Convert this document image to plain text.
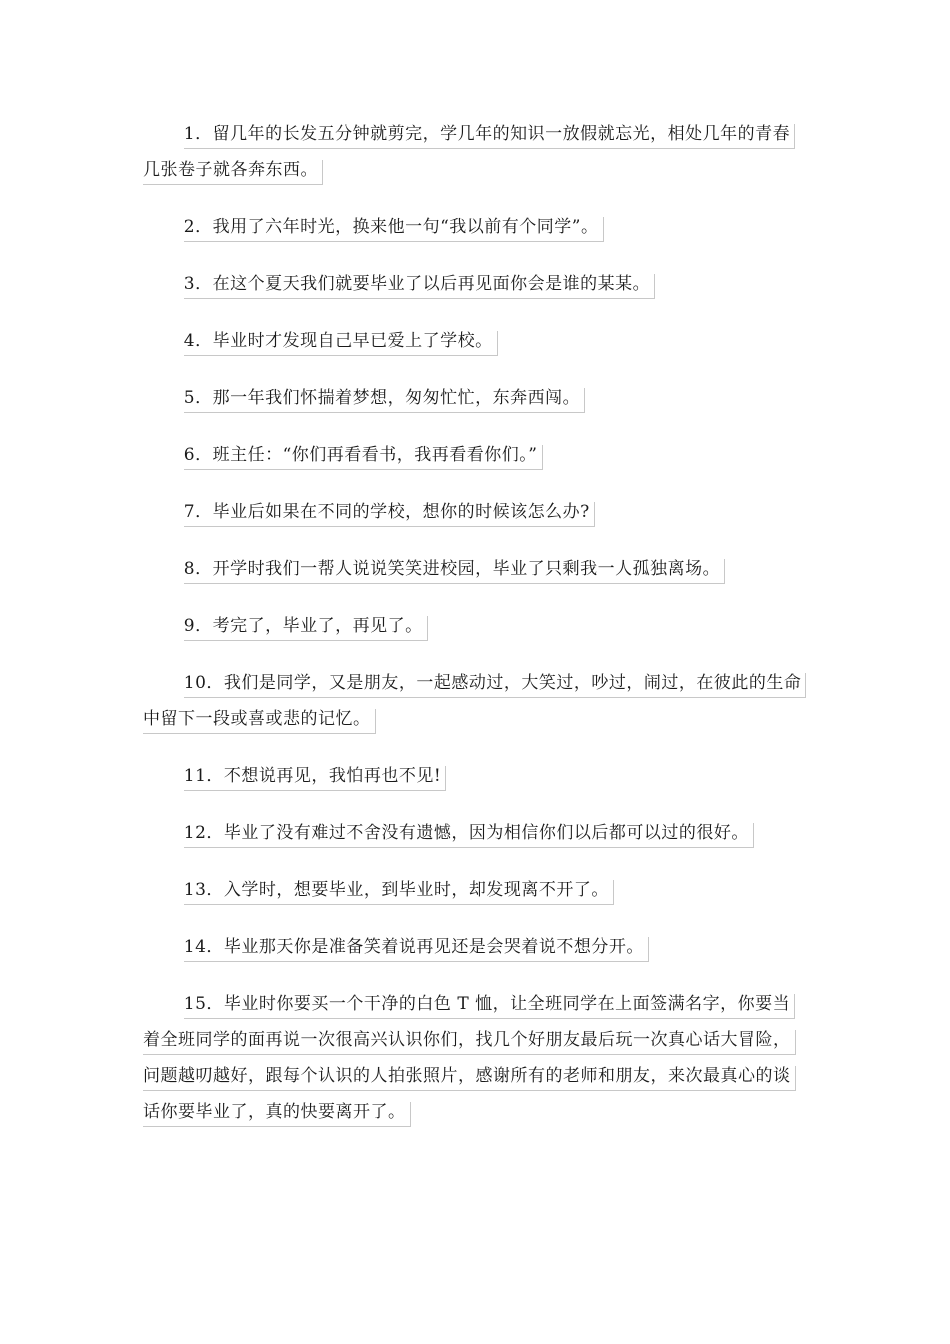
1．留几年的长发五分钟就剪完，学几年的知识一放假就忘光，相处几年的青春几张卷子就各奔东西。

2．我用了六年时光，换来他一句“我以前有个同学”。

3．在这个夏天我们就要毕业了以后再见面你会是谁的某某。

4．毕业时才发现自己早已爱上了学校。

5．那一年我们怀揣着梦想，匆匆忙忙，东奔西闯。

6．班主任：“你们再看看书，我再看看你们。”

7．毕业后如果在不同的学校，想你的时候该怎么办?

8．开学时我们一帮人说说笑笑进校园，毕业了只剩我一人孤独离场。

9．考完了，毕业了，再见了。

10．我们是同学，又是朋友，一起感动过，大笑过，吵过，闹过，在彼此的生命中留下一段或喜或悲的记忆。

11．不想说再见，我怕再也不见!

12．毕业了没有难过不舍没有遗憾，因为相信你们以后都可以过的很好。

13．入学时，想要毕业，到毕业时，却发现离不开了。

14．毕业那天你是准备笑着说再见还是会哭着说不想分开。

15．毕业时你要买一个干净的白色 T 恤，让全班同学在上面签满名字，你要当着全班同学的面再说一次很高兴认识你们，找几个好朋友最后玩一次真心话大冒险，问题越叨越好，跟每个认识的人拍张照片，感谢所有的老师和朋友，来次最真心的谈话你要毕业了，真的快要离开了。
